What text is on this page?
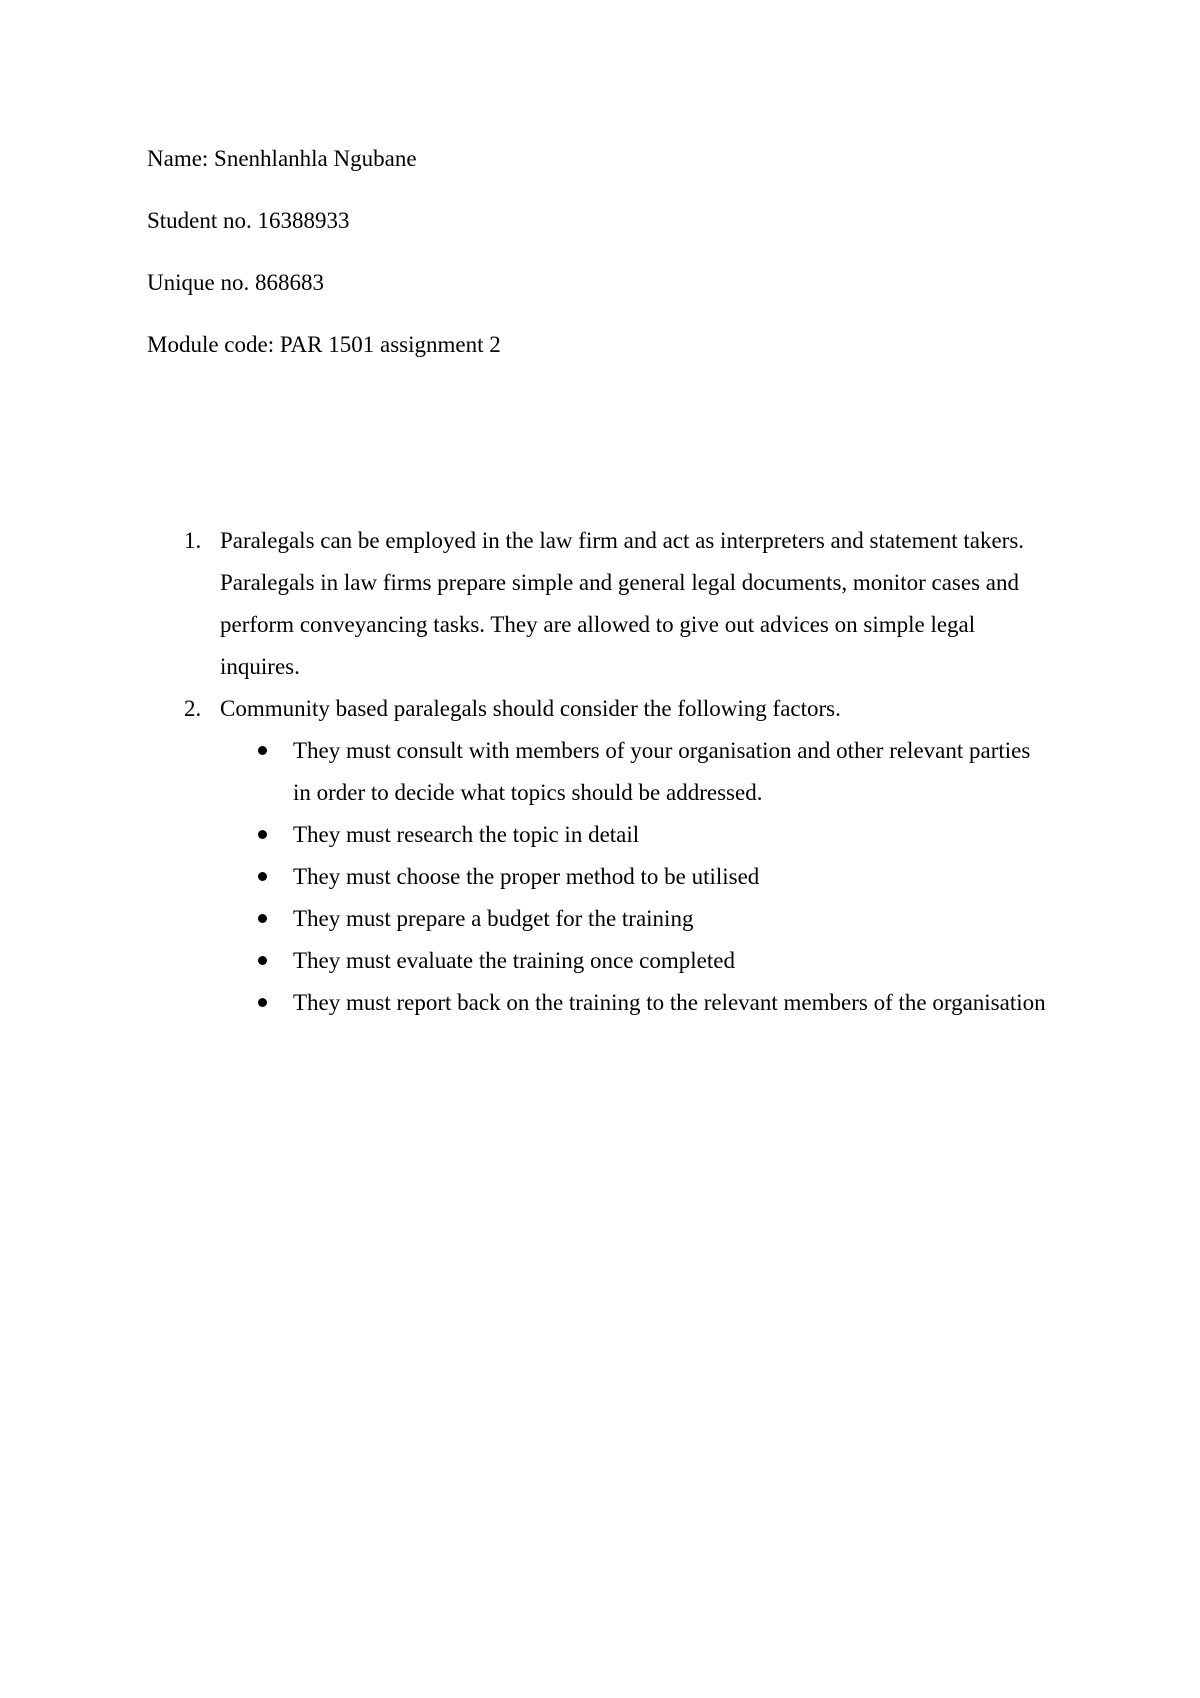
Name: Snenhlanhla Ngubane
Student no. 16388933
Unique no. 868683
Module code: PAR 1501 assignment 2
1. Paralegals can be employed in the law firm and act as interpreters and statement takers. Paralegals in law firms prepare simple and general legal documents, monitor cases and perform conveyancing tasks. They are allowed to give out advices on simple legal inquires.
2. Community based paralegals should consider the following factors.
They must consult with members of your organisation and other relevant parties in order to decide what topics should be addressed.
They must research the topic in detail
They must choose the proper method to be utilised
They must prepare a budget for the training
They must evaluate the training once completed
They must report back on the training to the relevant members of the organisation
